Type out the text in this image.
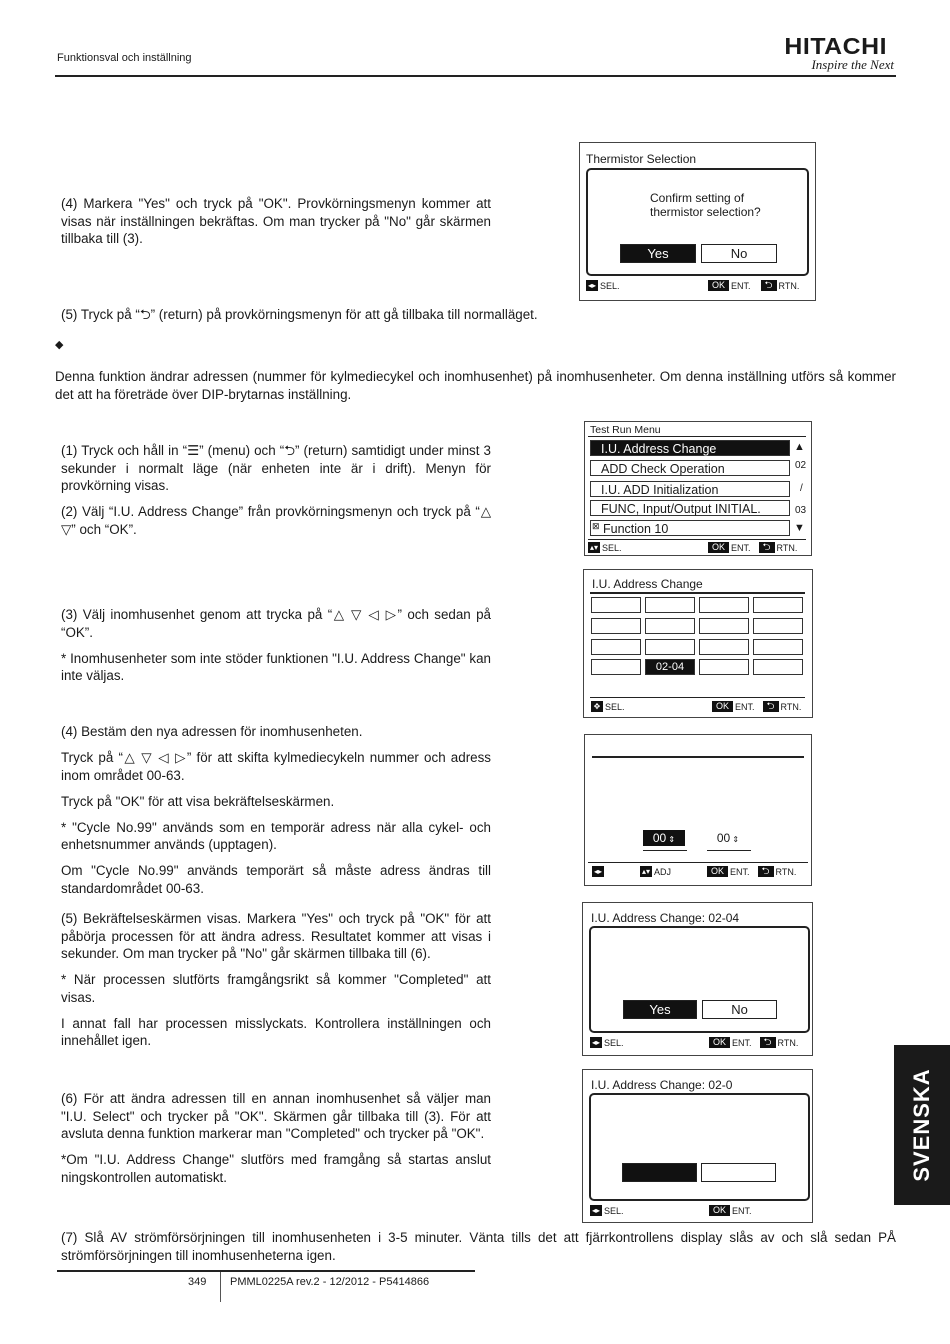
Funktionsval och inställning	HITACHI
Inspire the Next

(4) Markera "Yes" och tryck på "OK". Provkörningsmenyn kommer att visas när inställningen bekräftas. Om man trycker på "No" går skärmen tillbaka till (3).

Thermistor Selection
Confirm setting of thermistor selection?
Yes	No
◂▸ SEL.	OK ENT.	⮌ RTN.

(5) Tryck på “⮌” (return) på provkörningsmenyn för att gå tillbaka till normalläget.

◆

Denna funktion ändrar adressen (nummer för kylmediecykel och inomhusenhet) på inomhusenheter. Om denna inställning utförs så kommer det att ha företräde över DIP-brytarnas inställning.

(1) Tryck och håll in “☰” (menu) och “⮌” (return) samtidigt under minst 3 sekunder i normalt läge (när enheten inte är i drift). Menyn för provkörning visas.

(2) Välj “I.U. Address Change” från provkörningsmenyn och tryck på “△ ▽” och “OK”.

Test Run Menu
I.U. Address Change
ADD Check Operation
I.U. ADD Initialization
FUNC, Input/Output INITIAL.
⊠ Function 10
▲
02
/
03
▼
▴▾ SEL.	OK ENT.	⮌ RTN.

(3) Välj inomhusenhet genom att trycka på “△ ▽ ◁ ▷” och sedan på “OK”.

* Inomhusenheter som inte stöder funktionen "I.U. Address Change" kan inte väljas.

I.U. Address Change
02-04
✥ SEL.	OK ENT.	⮌ RTN.

(4) Bestäm den nya adressen för inomhusenheten.

Tryck på “△ ▽ ◁ ▷” för att skifta kylmediecykeln nummer och adress inom området 00-63.

Tryck på "OK" för att visa bekräftelseskärmen.

* "Cycle No.99" används som en temporär adress när alla cykel- och enhetsnummer används (upptagen).

Om "Cycle No.99" används temporärt så måste adress ändras till standardområdet 00-63.

00 ⇕	00 ⇕
◂▸	▴▾ ADJ	OK ENT.	⮌ RTN.

(5) Bekräftelseskärmen visas. Markera "Yes" och tryck på "OK" för att påbörja processen för att ändra adress. Resultatet kommer att visas i sekunder. Om man trycker på "No" går skärmen tillbaka till (6).

* När processen slutförts framgångsrikt så kommer "Completed" att visas.

I annat fall har processen misslyckats. Kontrollera inställningen och innehållet igen.

I.U. Address Change: 02-04
Yes	No
◂▸ SEL.	OK ENT.	⮌ RTN.

(6) För att ändra adressen till en annan inomhusenhet så väljer man "I.U. Select" och trycker på "OK". Skärmen går tillbaka till (3). För att avsluta denna funktion markerar man "Completed" och trycker på "OK".

*Om "I.U. Address Change" slutförs med framgång så startas anslut ningskontrollen automatiskt.

I.U. Address Change: 02-0
◂▸ SEL.	OK ENT.

(7) Slå AV strömförsörjningen till inomhusenheten i 3-5 minuter. Vänta tills det att fjärrkontrollens display slås av och slå sedan PÅ strömförsörjningen till inomhusenheterna igen.

SVENSKA
349 PMML0225A rev.2 - 12/2012 - P5414866
